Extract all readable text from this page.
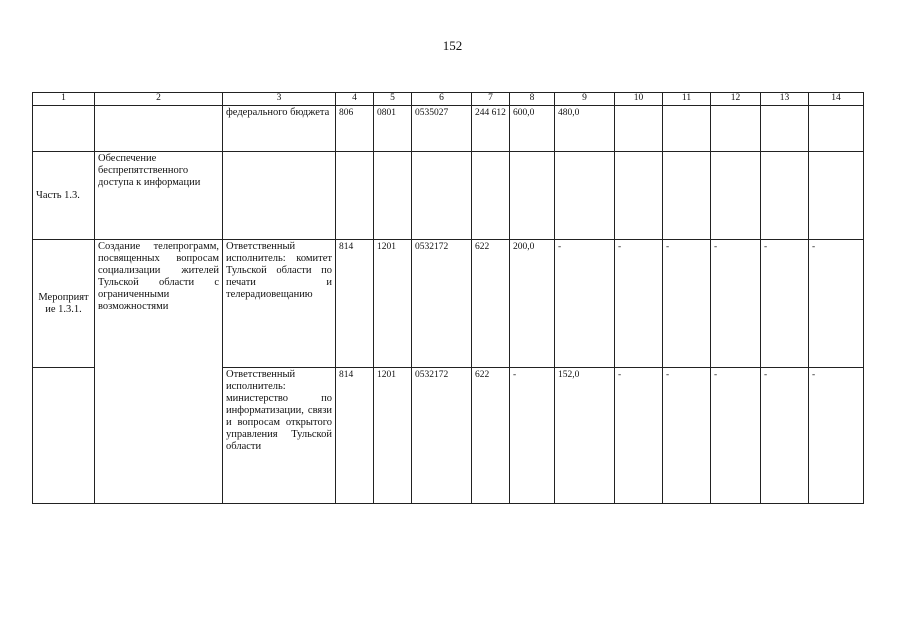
152
1	2	3	4	5	6	7	8	9	10	11	12	13	14
		федерального бюджета	806	0801	0535027	244 612	600,0	480,0					
Часть 1.3.	Обеспечение беспрепятственного доступа к информации												
Мероприятие 1.3.1.	Создание телепрограмм, посвященных вопросам социализации жителей Тульской области с ограниченными возможностями	Ответственный исполнитель: комитет Тульской области по печати и телерадиовещанию	814	1201	0532172	622	200,0	-	-	-	-	-	-
		Ответственный исполнитель: министерство по информатизации, связи и вопросам открытого управления Тульской области	814	1201	0532172	622	-	152,0	-	-	-	-	-
